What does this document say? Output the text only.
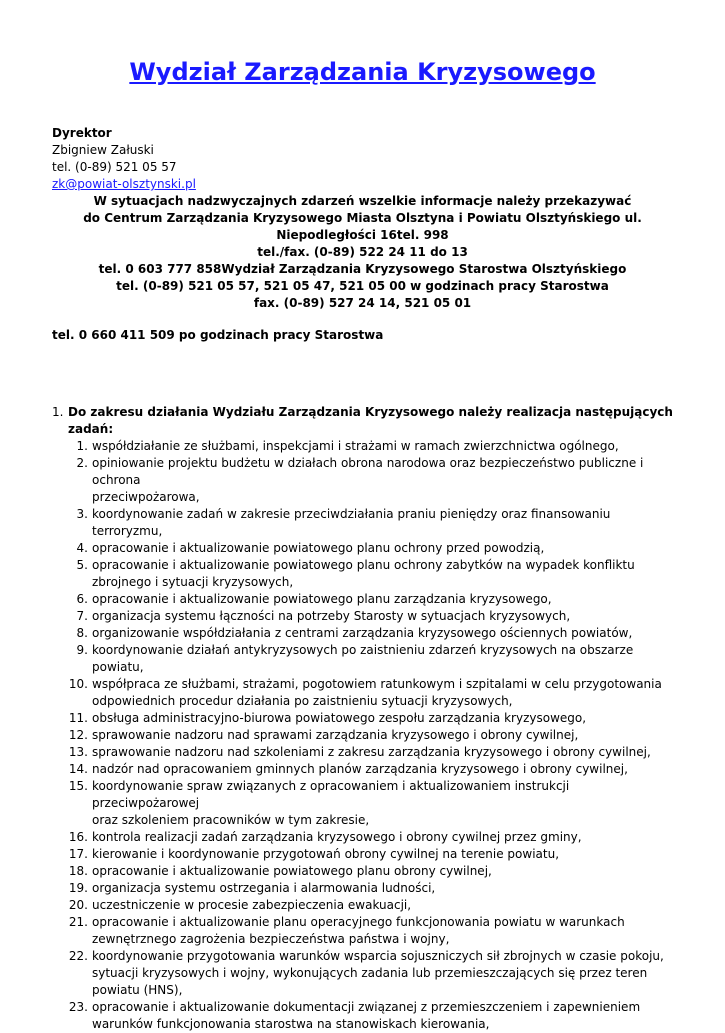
Wydział Zarządzania Kryzysowego
Dyrektor
Zbigniew Załuski
tel. (0-89) 521 05 57
zk@powiat-olsztynski.pl
W sytuacjach nadzwyczajnych zdarzeń wszelkie informacje należy przekazywać
do Centrum Zarządzania Kryzysowego Miasta Olsztyna i Powiatu Olsztyńskiego ul.
Niepodległości 16tel. 998
tel./fax. (0-89) 522 24 11 do 13
tel. 0 603 777 858Wydział Zarządzania Kryzysowego Starostwa Olsztyńskiego
tel. (0-89) 521 05 57, 521 05 47, 521 05 00 w godzinach pracy Starostwa
fax. (0-89) 527 24 14, 521 05 01
tel. 0 660 411 509 po godzinach pracy Starostwa
1. Do zakresu działania Wydziału Zarządzania Kryzysowego należy realizacja następujących
zadań:
1. współdziałanie ze służbami, inspekcjami i strażami w ramach zwierzchnictwa ogólnego,
2. opiniowanie projektu budżetu w działach obrona narodowa oraz bezpieczeństwo publiczne i ochrona
przeciwpożarowa,
3. koordynowanie zadań w zakresie przeciwdziałania praniu pieniędzy oraz finansowaniu terroryzmu,
4. opracowanie i aktualizowanie powiatowego planu ochrony przed powodzią,
5. opracowanie i aktualizowanie powiatowego planu ochrony zabytków na wypadek konfliktu
zbrojnego i sytuacji kryzysowych,
6. opracowanie i aktualizowanie powiatowego planu zarządzania kryzysowego,
7. organizacja systemu łączności na potrzeby Starosty w sytuacjach kryzysowych,
8. organizowanie współdziałania z centrami zarządzania kryzysowego ościennych powiatów,
9. koordynowanie działań antykryzysowych po zaistnieniu zdarzeń kryzysowych na obszarze powiatu,
10. współpraca ze służbami, strażami, pogotowiem ratunkowym i szpitalami w celu przygotowania
odpowiednich procedur działania po zaistnieniu sytuacji kryzysowych,
11. obsługa administracyjno-biurowa powiatowego zespołu zarządzania kryzysowego,
12. sprawowanie nadzoru nad sprawami zarządzania kryzysowego i obrony cywilnej,
13. sprawowanie nadzoru nad szkoleniami z zakresu zarządzania kryzysowego i obrony cywilnej,
14. nadzór nad opracowaniem gminnych planów zarządzania kryzysowego i obrony cywilnej,
15. koordynowanie spraw związanych z opracowaniem i aktualizowaniem instrukcji przeciwpożarowej
oraz szkoleniem pracowników w tym zakresie,
16. kontrola realizacji zadań zarządzania kryzysowego i obrony cywilnej przez gminy,
17. kierowanie i koordynowanie przygotowań obrony cywilnej na terenie powiatu,
18. opracowanie i aktualizowanie powiatowego planu obrony cywilnej,
19. organizacja systemu ostrzegania i alarmowania ludności,
20. uczestniczenie w procesie zabezpieczenia ewakuacji,
21. opracowanie i aktualizowanie planu operacyjnego funkcjonowania powiatu w warunkach
zewnętrznego zagrożenia bezpieczeństwa państwa i wojny,
22. koordynowanie przygotowania warunków wsparcia sojuszniczych sił zbrojnych w czasie pokoju,
sytuacji kryzysowych i wojny, wykonujących zadania lub przemieszczających się przez teren
powiatu (HNS),
23. opracowanie i aktualizowanie dokumentacji związanej z przemieszczeniem i zapewnieniem
warunków funkcjonowania starostwa na stanowiskach kierowania,
